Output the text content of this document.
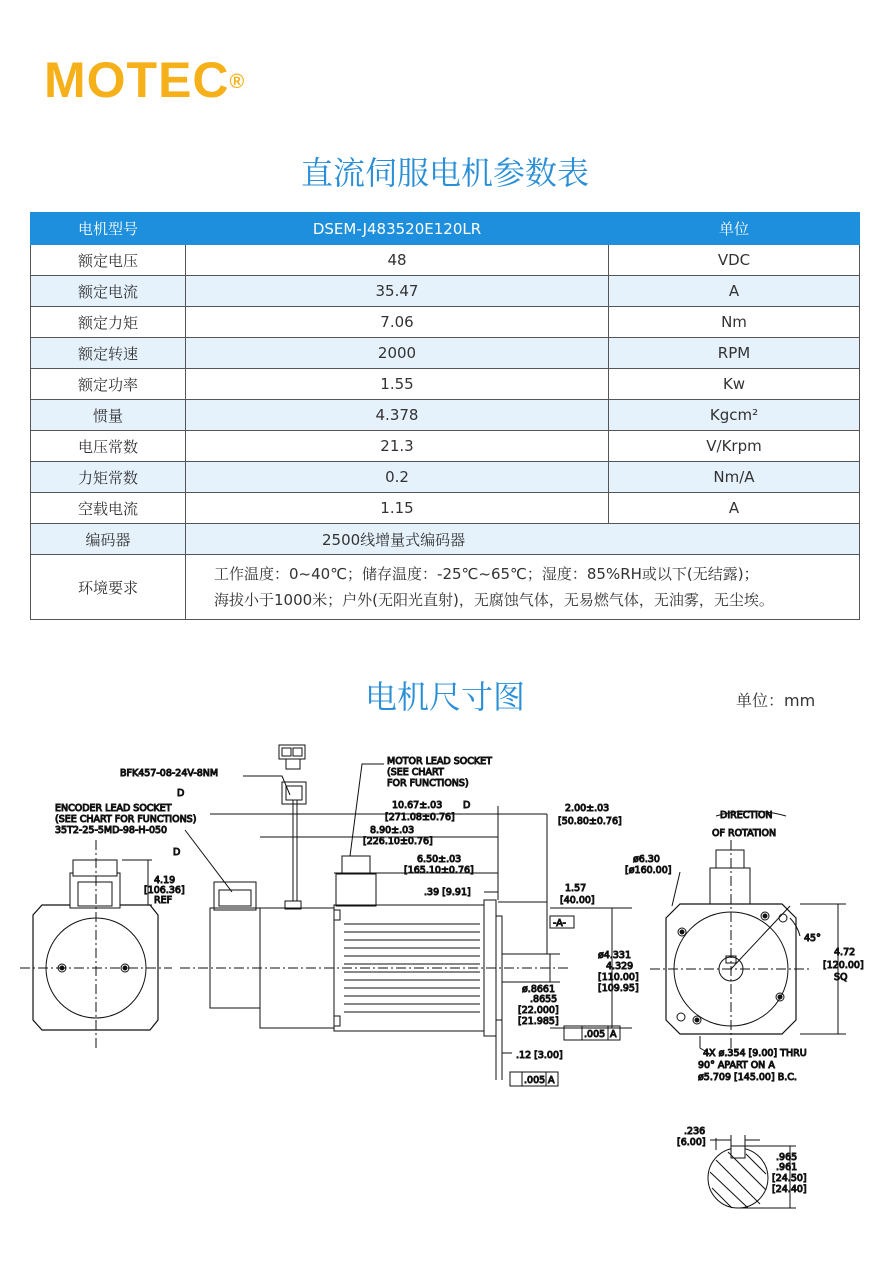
MOTEC®
直流伺服电机参数表
电机型号	DSEM-J483520E120LR	单位
额定电压	48	VDC
额定电流	35.47	A
额定力矩	7.06	Nm
额定转速	2000	RPM
额定功率	1.55	Kw
惯量	4.378	Kgcm²
电压常数	21.3	V/Krpm
力矩常数	0.2	Nm/A
空载电流	1.15	A
编码器	2500线增量式编码器	
环境要求	工作温度：0~40℃；储存温度：-25℃~65℃；湿度：85%RH或以下(无结露)；
海拔小于1000米；户外(无阳光直射)，无腐蚀气体，无易燃气体，无油雾，无尘埃。	
电机尺寸图	单位：mm
BFK457-08-24V-8NM
MOTOR LEAD SOCKET
(SEE CHART
FOR FUNCTIONS)
ENCODER LEAD SOCKET
(SEE CHART FOR FUNCTIONS)
35T2-25-5MD-98-H-050
D
D
D
4.19
[106.36]
REF
10.67±.03
[271.08±0.76]
8.90±.03
[226.10±0.76]
6.50±.03
[165.10±0.76]
.39 [9.91]
2.00±.03
[50.80±0.76]
1.57
[40.00]
-A-
ø4.331
4.329
[110.00]
[109.95]
ø.8661
.8655
[22.000]
[21.985]
.005 A
.12 [3.00]
.005 A
DIRECTION
OF ROTATION
ø6.30
[ø160.00]
45°
4.72
[120.00]
SQ
4X ø.354 [9.00] THRU
90° APART ON A
ø5.709 [145.00] B.C.
.236
[6.00]
.965
.961
[24.50]
[24.40]
